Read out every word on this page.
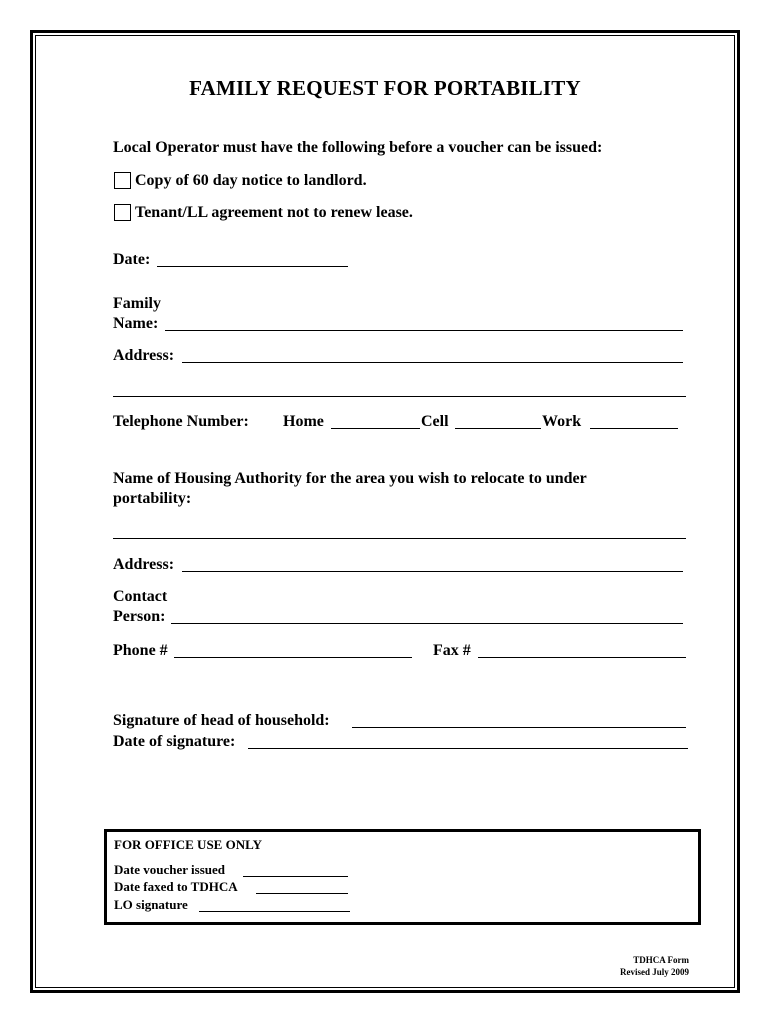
FAMILY REQUEST FOR PORTABILITY
Local Operator must have the following before a voucher can be issued:
Copy of 60 day notice to landlord.
Tenant/LL agreement not to renew lease.
Date:
Family
Name:
Address:
Telephone Number: Home	Cell	Work
Name of Housing Authority for the area you wish to relocate to under
portability:
Address:
Contact
Person:
Phone #	Fax #
Signature of head of household:
Date of signature:
FOR OFFICE USE ONLY
Date voucher issued
Date faxed to TDHCA
LO signature
TDHCA Form
Revised July 2009
